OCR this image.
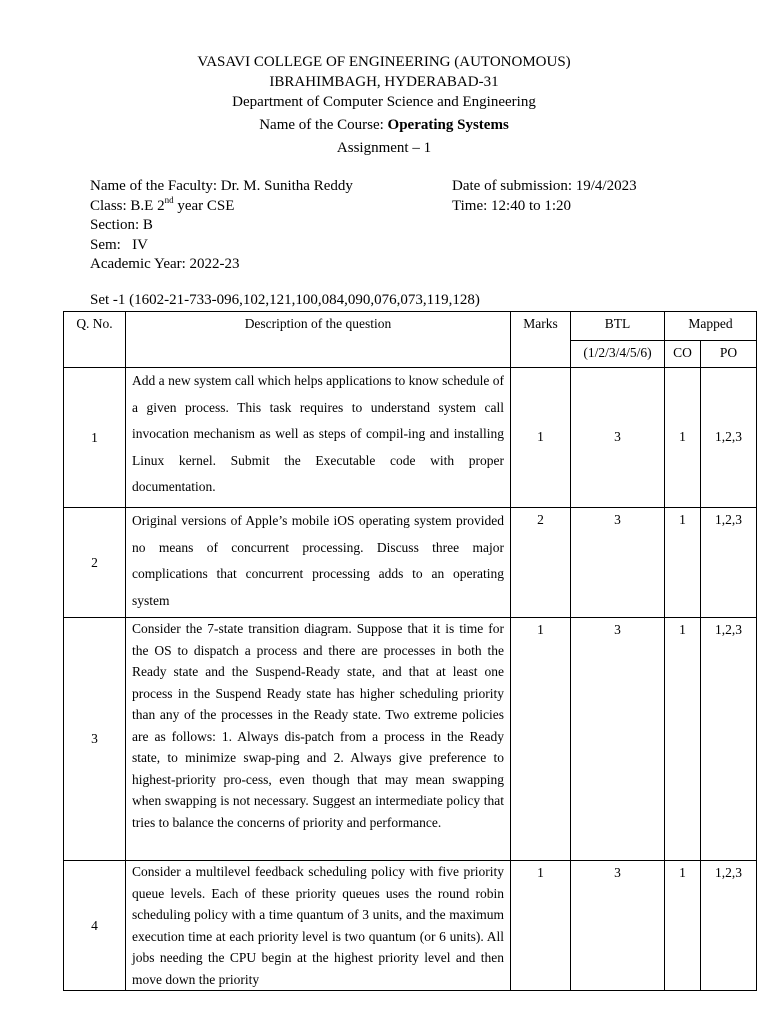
VASAVI COLLEGE OF ENGINEERING (AUTONOMOUS)
IBRAHIMBAGH, HYDERABAD-31
Department of Computer Science and Engineering
Name of the Course: Operating Systems
Assignment – 1
Name of the Faculty: Dr. M. Sunitha Reddy
Class: B.E 2nd year CSE
Section: B
Sem:   IV
Academic Year: 2022-23
Date of submission: 19/4/2023
Time: 12:40 to 1:20
Set -1 (1602-21-733-096,102,121,100,084,090,076,073,119,128)
Q. No.	Description of the question	Marks	BTL	Mapped	
			(1/2/3/4/5/6)	CO	PO
1	Add a new system call which helps applications to know schedule of a given process. This task requires to understand system call invocation mechanism as well as steps of compil-ing and installing Linux kernel. Submit the Executable code with proper documentation.	1	3	1	1,2,3
2	Original versions of Apple’s mobile iOS operating system provided no means of concurrent processing. Discuss three major complications that concurrent processing adds to an operating system	2	3	1	1,2,3
3	Consider the 7-state transition diagram. Suppose that it is time for the OS to dispatch a process and there are processes in both the Ready state and the Suspend-Ready state, and that at least one process in the Suspend Ready state has higher scheduling priority than any of the processes in the Ready state. Two extreme policies are as follows: 1. Always dis-patch from a process in the Ready state, to minimize swap-ping and 2. Always give preference to highest-priority pro-cess, even though that may mean swapping when swapping is not necessary. Suggest an intermediate policy that tries to balance the concerns of priority and performance.	1	3	1	1,2,3
4	Consider a multilevel feedback scheduling policy with five priority queue levels. Each of these priority queues uses the round robin scheduling policy with a time quantum of 3 units, and the maximum execution time at each priority level is two quantum (or 6 units). All jobs needing the CPU begin at the highest priority level and then move down the priority	1	3	1	1,2,3
